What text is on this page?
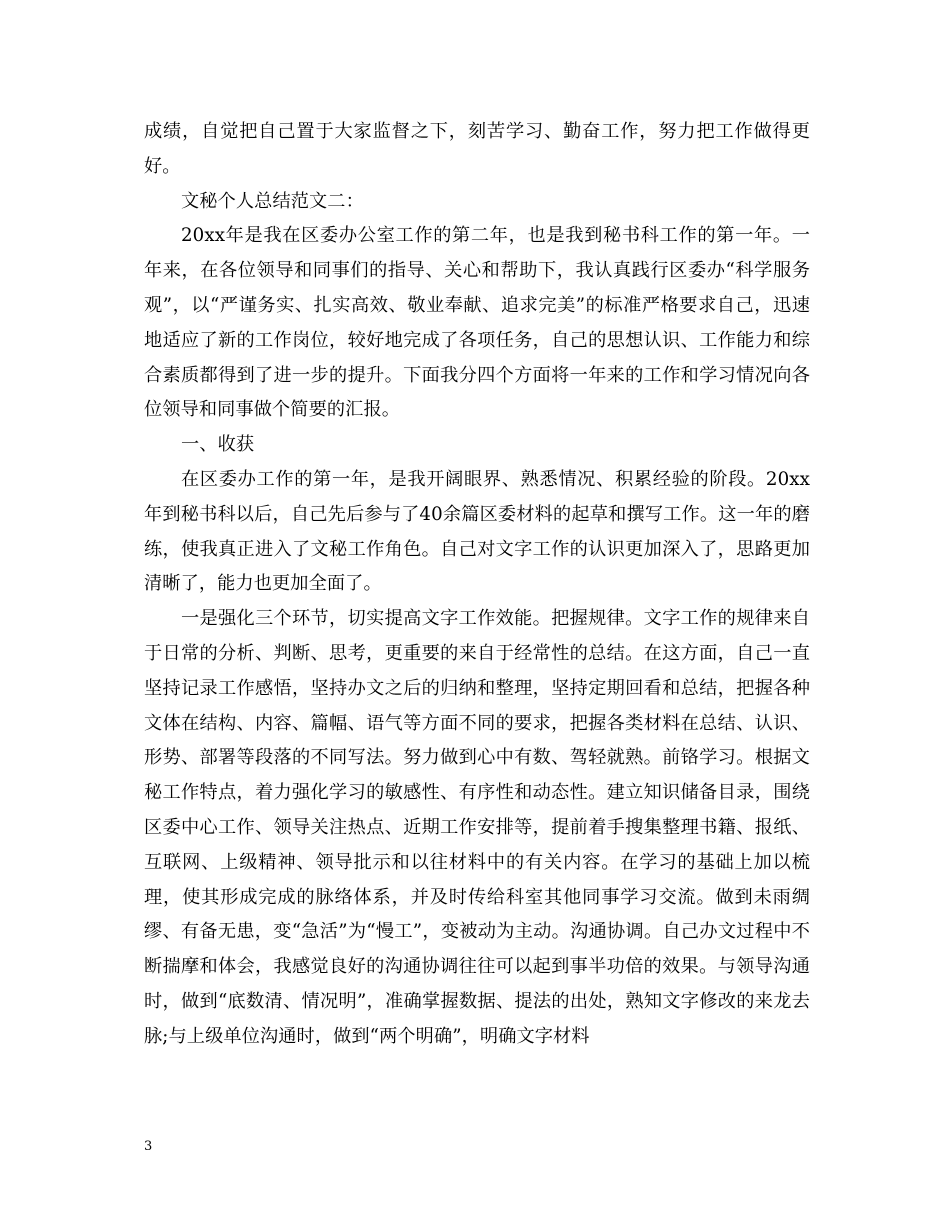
成绩，自觉把自己置于大家监督之下，刻苦学习、勤奋工作，努力把工作做得更好。

文秘个人总结范文二：

20xx年是我在区委办公室工作的第二年，也是我到秘书科工作的第一年。一年来，在各位领导和同事们的指导、关心和帮助下，我认真践行区委办“科学服务观”，以“严谨务实、扎实高效、敬业奉献、追求完美”的标准严格要求自己，迅速地适应了新的工作岗位，较好地完成了各项任务，自己的思想认识、工作能力和综合素质都得到了进一步的提升。下面我分四个方面将一年来的工作和学习情况向各位领导和同事做个简要的汇报。

一、收获

在区委办工作的第一年，是我开阔眼界、熟悉情况、积累经验的阶段。20xx年到秘书科以后，自己先后参与了40余篇区委材料的起草和撰写工作。这一年的磨练，使我真正进入了文秘工作角色。自己对文字工作的认识更加深入了，思路更加清晰了，能力也更加全面了。

一是强化三个环节，切实提高文字工作效能。把握规律。文字工作的规律来自于日常的分析、判断、思考，更重要的来自于经常性的总结。在这方面，自己一直坚持记录工作感悟，坚持办文之后的归纳和整理，坚持定期回看和总结，把握各种文体在结构、内容、篇幅、语气等方面不同的要求，把握各类材料在总结、认识、形势、部署等段落的不同写法。努力做到心中有数、驾轻就熟。前铬学习。根据文秘工作特点，着力强化学习的敏感性、有序性和动态性。建立知识储备目录，围绕区委中心工作、领导关注热点、近期工作安排等，提前着手搜集整理书籍、报纸、互联网、上级精神、领导批示和以往材料中的有关内容。在学习的基础上加以梳理，使其形成完成的脉络体系，并及时传给科室其他同事学习交流。做到未雨绸缪、有备无患，变“急活”为“慢工”，变被动为主动。沟通协调。自己办文过程中不断揣摩和体会，我感觉良好的沟通协调往往可以起到事半功倍的效果。与领导沟通时，做到“底数清、情况明”，准确掌握数据、提法的出处，熟知文字修改的来龙去脉;与上级单位沟通时，做到“两个明确”，明确文字材料

3
